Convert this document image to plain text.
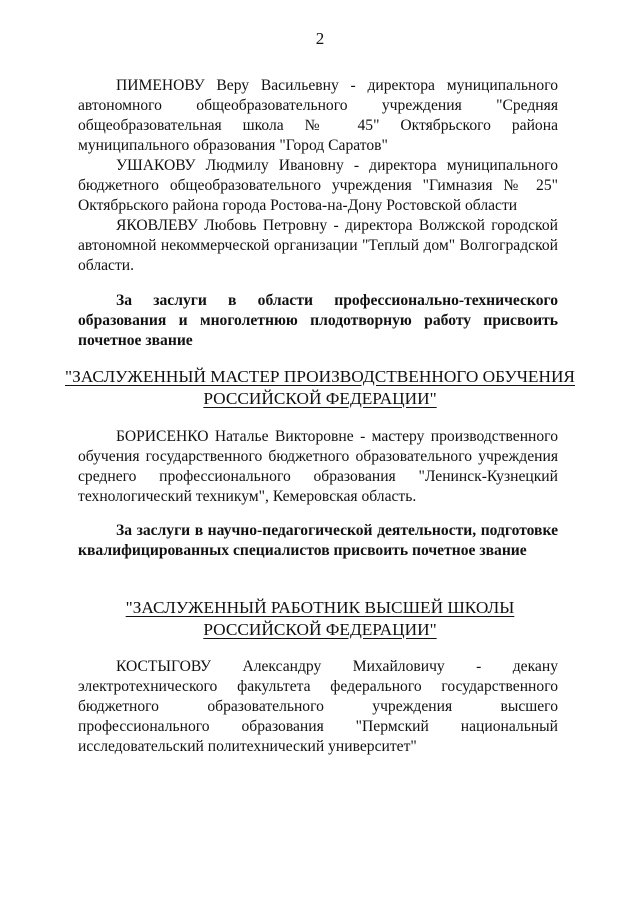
2

ПИМЕНОВУ Веру Васильевну - директора муниципального автономного общеобразовательного учреждения "Средняя общеобразовательная школа № 45" Октябрьского района муниципального образования "Город Саратов"

УШАКОВУ Людмилу Ивановну - директора муниципального бюджетного общеобразовательного учреждения "Гимназия № 25" Октябрьского района города Ростова-на-Дону Ростовской области

ЯКОВЛЕВУ Любовь Петровну - директора Волжской городской автономной некоммерческой организации "Теплый дом" Волгоградской области.

За заслуги в области профессионально-технического образования и многолетнюю плодотворную работу присвоить почетное звание

"ЗАСЛУЖЕННЫЙ МАСТЕР ПРОИЗВОДСТВЕННОГО ОБУЧЕНИЯ
РОССИЙСКОЙ ФЕДЕРАЦИИ"

БОРИСЕНКО Наталье Викторовне - мастеру производственного обучения государственного бюджетного образовательного учреждения среднего профессионального образования "Ленинск-Кузнецкий технологический техникум", Кемеровская область.

За заслуги в научно-педагогической деятельности, подготовке квалифицированных специалистов присвоить почетное звание

"ЗАСЛУЖЕННЫЙ РАБОТНИК ВЫСШЕЙ ШКОЛЫ
РОССИЙСКОЙ ФЕДЕРАЦИИ"

КОСТЫГОВУ Александру Михайловичу - декану электротехнического факультета федерального государственного бюджетного образовательного учреждения высшего профессионального образования "Пермский национальный исследовательский политехнический университет"
